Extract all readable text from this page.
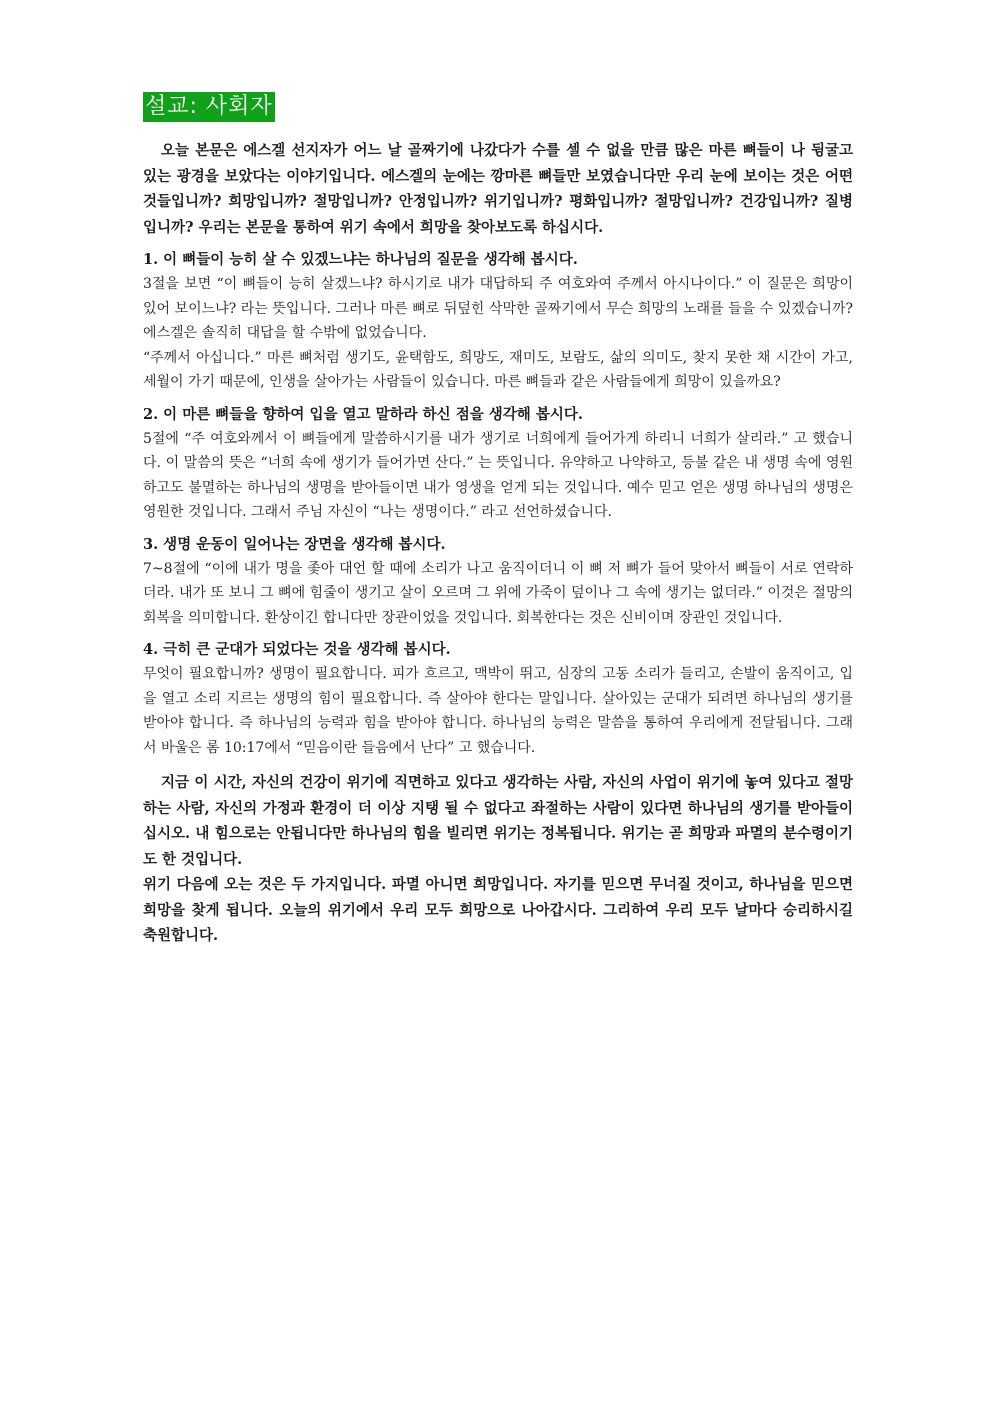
설교: 사회자

오늘 본문은 에스겔 선지자가 어느 날 골짜기에 나갔다가 수를 셀 수 없을 만큼 많은 마른 뼈들이 나 뒹굴고 있는 광경을 보았다는 이야기입니다. 에스겔의 눈에는 깡마른 뼈들만 보였습니다만 우리 눈에 보이는 것은 어떤 것들입니까? 희망입니까? 절망입니까? 안정입니까? 위기입니까? 평화입니까? 절망입니까? 건강입니까? 질병입니까? 우리는 본문을 통하여 위기 속에서 희망을 찾아보도록 하십시다.

1. 이 뼈들이 능히 살 수 있겠느냐는 하나님의 질문을 생각해 봅시다.

3절을 보면 “이 뼈들이 능히 살겠느냐? 하시기로 내가 대답하되 주 여호와여 주께서 아시나이다.” 이 질문은 희망이 있어 보이느냐? 라는 뜻입니다. 그러나 마른 뼈로 뒤덮힌 삭막한 골짜기에서 무슨 희망의 노래를 들을 수 있겠습니까? 에스겔은 솔직히 대답을 할 수밖에 없었습니다.

“주께서 아십니다.” 마른 뼈처럼 생기도, 윤택함도, 희망도, 재미도, 보람도, 삶의 의미도, 찾지 못한 채 시간이 가고, 세월이 가기 때문에, 인생을 살아가는 사람들이 있습니다. 마른 뼈들과 같은 사람들에게 희망이 있을까요?

2. 이 마른 뼈들을 향하여 입을 열고 말하라 하신 점을 생각해 봅시다.

5절에 “주 여호와께서 이 뼈들에게 말씀하시기를 내가 생기로 너희에게 들어가게 하리니 너희가 살리라.” 고 했습니다. 이 말씀의 뜻은 “너희 속에 생기가 들어가면 산다.” 는 뜻입니다. 유약하고 나약하고, 등불 같은 내 생명 속에 영원하고도 불멸하는 하나님의 생명을 받아들이면 내가 영생을 얻게 되는 것입니다. 예수 믿고 얻은 생명 하나님의 생명은 영원한 것입니다. 그래서 주님 자신이 “나는 생명이다.” 라고 선언하셨습니다.

3. 생명 운동이 일어나는 장면을 생각해 봅시다.

7~8절에 “이에 내가 명을 좇아 대언 할 때에 소리가 나고 움직이더니 이 뼈 저 뼈가 들어 맞아서 뼈들이 서로 연락하더라. 내가 또 보니 그 뼈에 힘줄이 생기고 살이 오르며 그 위에 가죽이 덮이나 그 속에 생기는 없더라.” 이것은 절망의 회복을 의미합니다. 환상이긴 합니다만 장관이었을 것입니다. 회복한다는 것은 신비이며 장관인 것입니다.

4. 극히 큰 군대가 되었다는 것을 생각해 봅시다.

무엇이 필요합니까? 생명이 필요합니다. 피가 흐르고, 맥박이 뛰고, 심장의 고동 소리가 들리고, 손발이 움직이고, 입을 열고 소리 지르는 생명의 힘이 필요합니다. 즉 살아야 한다는 말입니다. 살아있는 군대가 되려면 하나님의 생기를 받아야 합니다. 즉 하나님의 능력과 힘을 받아야 합니다. 하나님의 능력은 말씀을 통하여 우리에게 전달됩니다. 그래서 바울은 롬 10:17에서 “믿음이란 들음에서 난다” 고 했습니다.

지금 이 시간, 자신의 건강이 위기에 직면하고 있다고 생각하는 사람, 자신의 사업이 위기에 놓여 있다고 절망하는 사람, 자신의 가정과 환경이 더 이상 지탱 될 수 없다고 좌절하는 사람이 있다면 하나님의 생기를 받아들이십시오. 내 힘으로는 안됩니다만 하나님의 힘을 빌리면 위기는 정복됩니다. 위기는 곧 희망과 파멸의 분수령이기도 한 것입니다.

위기 다음에 오는 것은 두 가지입니다. 파멸 아니면 희망입니다. 자기를 믿으면 무너질 것이고, 하나님을 믿으면 희망을 찾게 됩니다. 오늘의 위기에서 우리 모두 희망으로 나아갑시다. 그리하여 우리 모두 날마다 승리하시길 축원합니다.
